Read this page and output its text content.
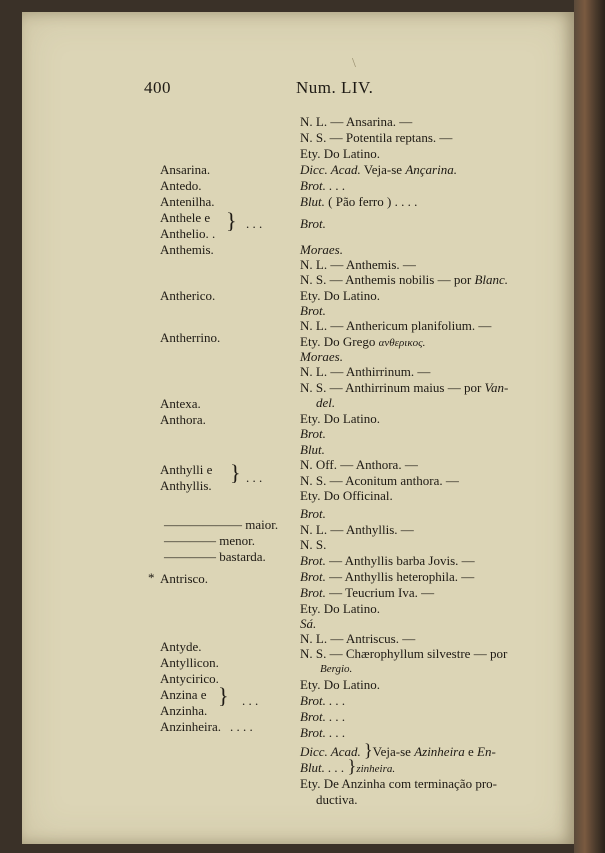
400	Num. LIV.
\
Ansarina.
Antedo.
Antenilha.
Anthele e
Anthelio. .
} . . .
Anthemis.
Antherico.
Antherrino.
Antexa.
Anthora.
Anthylli e
Anthyllis.
} . . .
—————— maior.
———— menor.
———— bastarda.
* Antrisco.
Antyde.
Antyllicon.
Antycirico.
Anzina e
Anzinha.
} . . .
Anzinheira. . . . .
N. L. — Ansarina. —
N. S. — Potentila reptans. —
Ety. Do Latino.
Dicc. Acad. Veja-se Ançarina.
Brot. . . .
Blut. ( Pão ferro ) . . . .
Brot.
Moraes.
N. L. — Anthemis. —
N. S. — Anthemis nobilis — por Blanc.
Ety. Do Latino.
Brot.
N. L. — Anthericum planifolium. —
Ety. Do Grego ανθερικος.
Moraes.
N. L. — Anthirrinum. —
N. S. — Anthirrinum maius — por Van-
del.
Ety. Do Latino.
Brot.
Blut.
N. Off. — Anthora. —
N. S. — Aconitum anthora. —
Ety. Do Officinal.
Brot.
N. L. — Anthyllis. —
N. S.
Brot. — Anthyllis barba Jovis. —
Brot. — Anthyllis heterophila. —
Brot. — Teucrium Iva. —
Ety. Do Latino.
Sá.
N. L. — Antriscus. —
N. S. — Chærophyllum silvestre — por
Bergio.
Ety. Do Latino.
Brot. . . .
Brot. . . .
Brot. . . .
Dicc. Acad. }Veja-se Azinheira e En-
Blut. . . . }zinheira.
Ety. De Anzinha com terminação pro-
ductiva.
